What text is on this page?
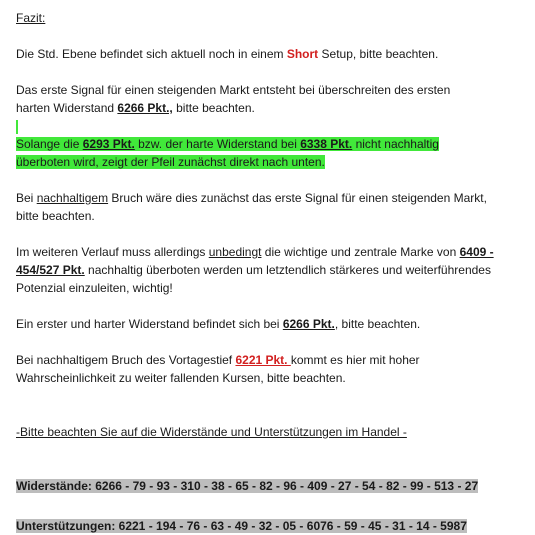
Fazit:

Die Std. Ebene befindet sich aktuell noch in einem Short Setup, bitte beachten.

Das erste Signal für einen steigenden Markt entsteht bei überschreiten des ersten
harten Widerstand 6266 Pkt., bitte beachten.

Solange die 6293 Pkt. bzw. der harte Widerstand bei 6338 Pkt. nicht nachhaltig
überboten wird, zeigt der Pfeil zunächst direkt nach unten.

Bei nachhaltigem Bruch wäre dies zunächst das erste Signal für einen steigenden Markt,
bitte beachten.

Im weiteren Verlauf muss allerdings unbedingt die wichtige und zentrale Marke von 6409 -
454/527 Pkt. nachhaltig überboten werden um letztendlich stärkeres und weiterführendes
Potenzial einzuleiten, wichtig!

Ein erster und harter Widerstand befindet sich bei 6266 Pkt., bitte beachten.

Bei nachhaltigem Bruch des Vortagestief 6221 Pkt. kommt es hier mit hoher
Wahrscheinlichkeit zu weiter fallenden Kursen, bitte beachten.

-Bitte beachten Sie auf die Widerstände und Unterstützungen im Handel -

Widerstände: 6266 - 79 - 93 - 310 - 38 - 65 - 82 - 96 - 409 - 27 - 54 - 82 - 99 - 513 - 27

Unterstützungen: 6221 - 194 - 76 - 63 - 49 - 32 - 05 - 6076 - 59 - 45 - 31 - 14 - 5987
